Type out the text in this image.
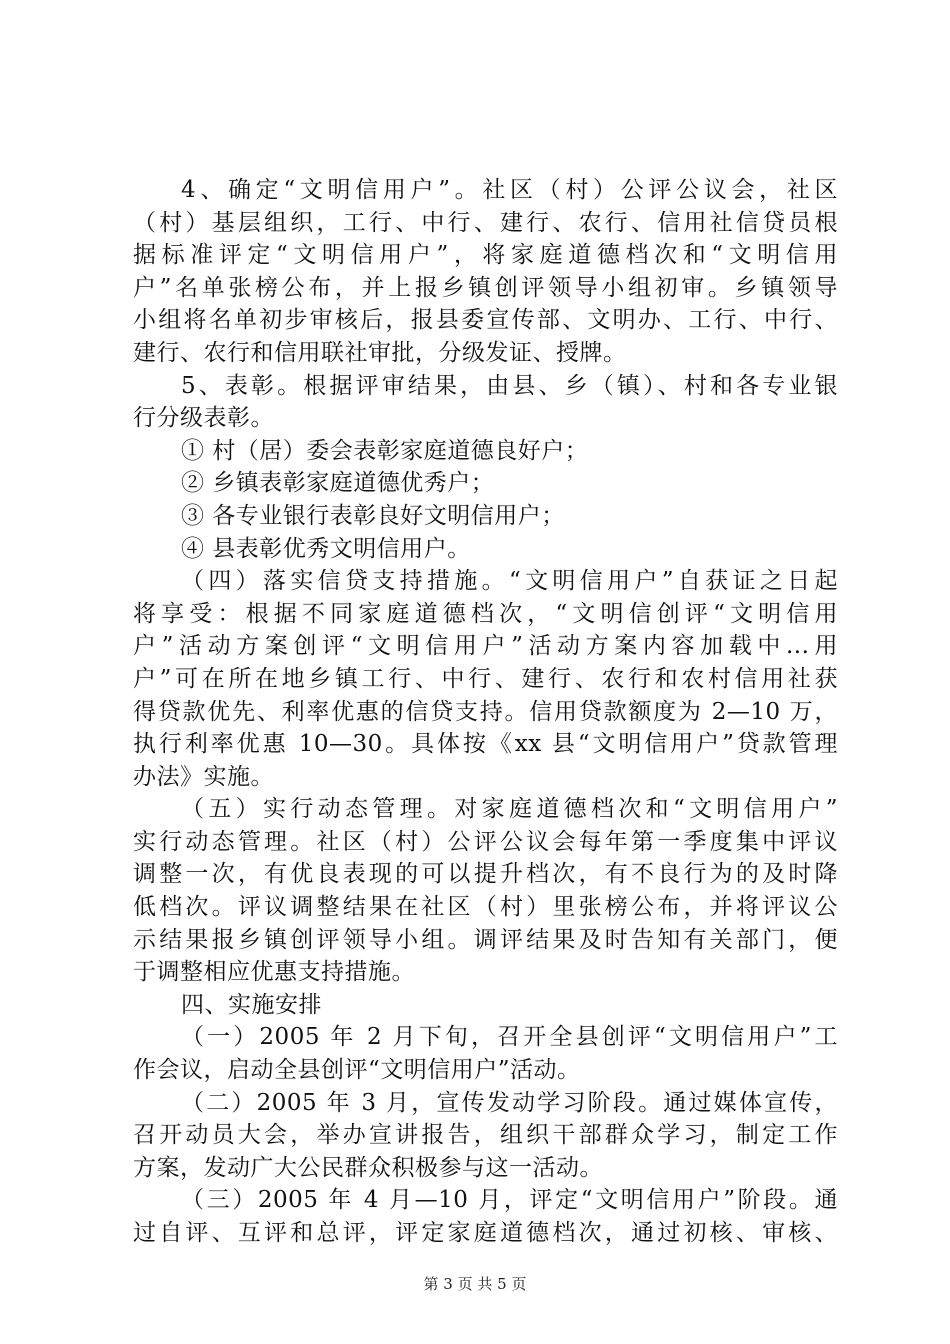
4、确定“文明信用户”。社区（村）公评公议会，社区
（村）基层组织，工行、中行、建行、农行、信用社信贷员根
据标准评定“文明信用户”，将家庭道德档次和“文明信用
户”名单张榜公布，并上报乡镇创评领导小组初审。乡镇领导
小组将名单初步审核后，报县委宣传部、文明办、工行、中行、
建行、农行和信用联社审批，分级发证、授牌。
5、表彰。根据评审结果，由县、乡（镇）、村和各专业银
行分级表彰。
① 村（居）委会表彰家庭道德良好户；
② 乡镇表彰家庭道德优秀户；
③ 各专业银行表彰良好文明信用户；
④ 县表彰优秀文明信用户。
（四）落实信贷支持措施。“文明信用户”自获证之日起
将享受：根据不同家庭道德档次，“文明信创评“文明信用
户”活动方案创评“文明信用户”活动方案内容加载中...用
户”可在所在地乡镇工行、中行、建行、农行和农村信用社获
得贷款优先、利率优惠的信贷支持。信用贷款额度为 2—10 万，
执行利率优惠 10—30。具体按《xx 县“文明信用户”贷款管理
办法》实施。
（五）实行动态管理。对家庭道德档次和“文明信用户”
实行动态管理。社区（村）公评公议会每年第一季度集中评议
调整一次，有优良表现的可以提升档次，有不良行为的及时降
低档次。评议调整结果在社区（村）里张榜公布，并将评议公
示结果报乡镇创评领导小组。调评结果及时告知有关部门，便
于调整相应优惠支持措施。
四、实施安排
（一）2005 年 2 月下旬，召开全县创评“文明信用户”工
作会议，启动全县创评“文明信用户”活动。
（二）2005 年 3 月，宣传发动学习阶段。通过媒体宣传，
召开动员大会，举办宣讲报告，组织干部群众学习，制定工作
方案，发动广大公民群众积极参与这一活动。
（三）2005 年 4 月—10 月，评定“文明信用户”阶段。通
过自评、互评和总评，评定家庭道德档次，通过初核、审核、
第 3 页 共 5 页
